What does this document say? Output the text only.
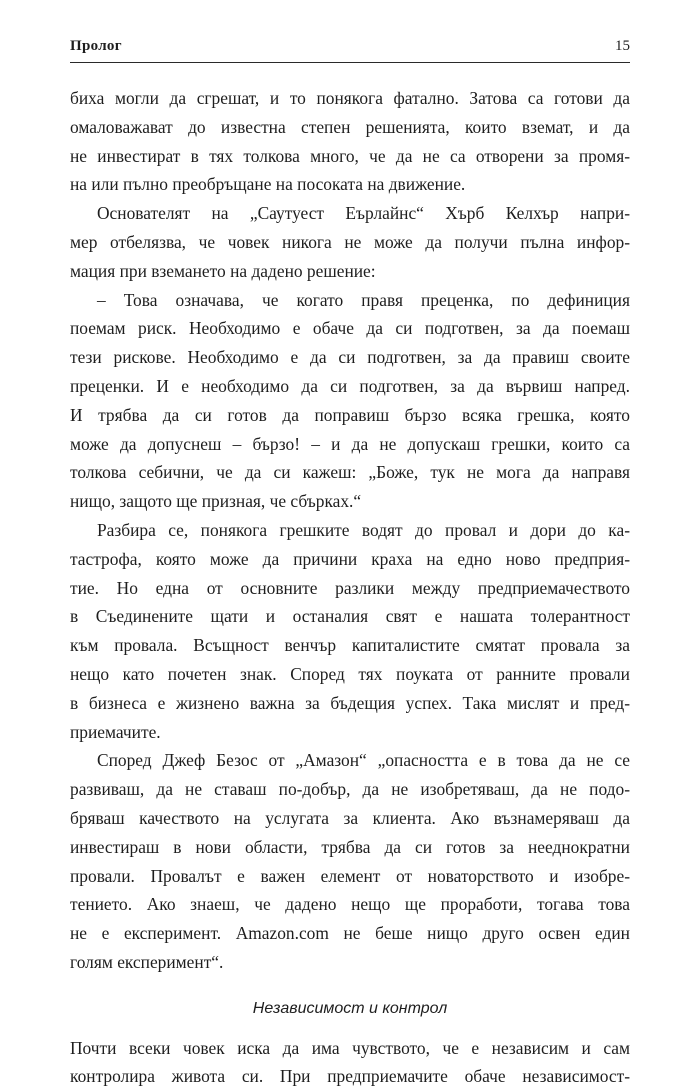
Пролог	15
биха могли да сгрешат, и то понякога фатално. Затова са готови да
омаловажават до известна степен решенията, които вземат, и да
не инвестират в тях толкова много, че да не са отворени за промя-
на или пълно преобръщане на посоката на движение.
Основателят на „Саутуест Еърлайнс“ Хърб Келхър напри-
мер отбелязва, че човек никога не може да получи пълна инфор-
мация при вземането на дадено решение:
– Това означава, че когато правя преценка, по дефиниция
поемам риск. Необходимо е обаче да си подготвен, за да поемаш
тези рискове. Необходимо е да си подготвен, за да правиш своите
преценки. И е необходимо да си подготвен, за да вървиш напред.
И трябва да си готов да поправиш бързо всяка грешка, която
може да допуснеш – бързо! – и да не допускаш грешки, които са
толкова себични, че да си кажеш: „Боже, тук не мога да направя
нищо, защото ще призная, че сбърках.“
Разбира се, понякога грешките водят до провал и дори до ка-
тастрофа, която може да причини краха на едно ново предприя-
тие. Но една от основните разлики между предприемачеството
в Съединените щати и останалия свят е нашата толерантност
към провала. Всъщност венчър капиталистите смятат провала за
нещо като почетен знак. Според тях поуката от ранните провали
в бизнеса е жизнено важна за бъдещия успех. Така мислят и пред-
приемачите.
Според Джеф Безос от „Амазон“ „опасността е в това да не се
развиваш, да не ставаш по-добър, да не изобретяваш, да не подо-
бряваш качеството на услугата за клиента. Ако възнамеряваш да
инвестираш в нови области, трябва да си готов за нееднократни
провали. Провалът е важен елемент от новаторството и изобре-
тението. Ако знаеш, че дадено нещо ще проработи, тогава това
не е експеримент. Amazon.com не беше нищо друго освен един
голям експеримент“.
Независимост и контрол
Почти всеки човек иска да има чувството, че е независим и сам
контролира живота си. При предприемачите обаче независимост-
